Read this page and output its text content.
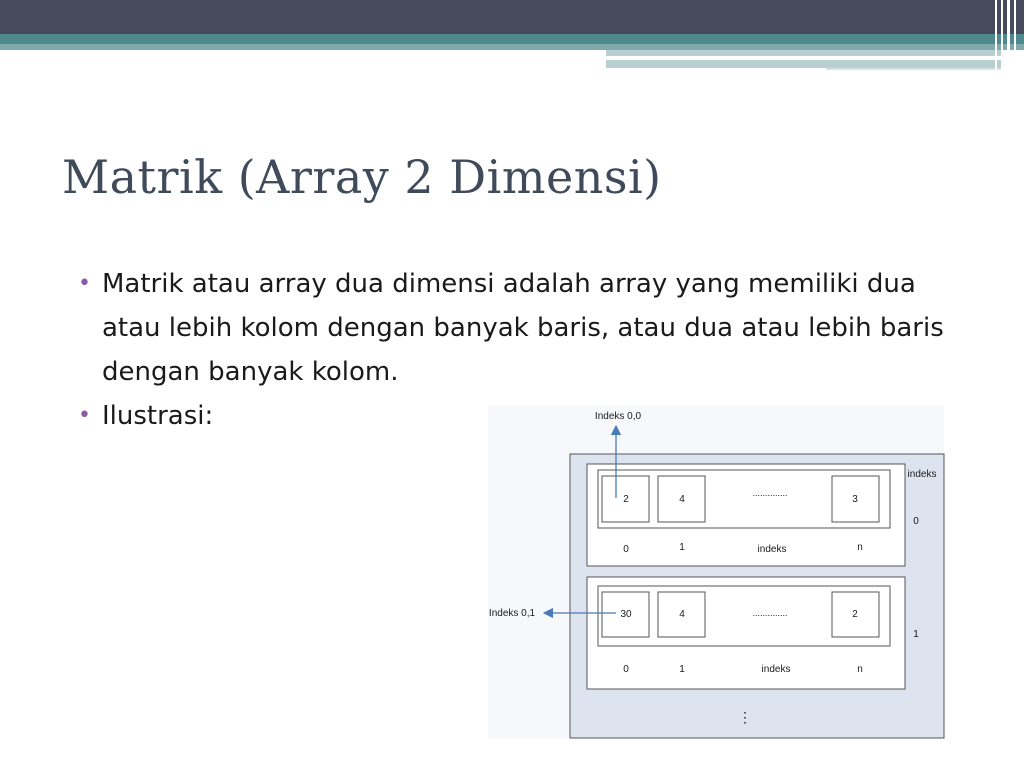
Matrik (Array 2 Dimensi)
• Matrik atau array dua dimensi adalah array yang memiliki dua atau lebih kolom dengan banyak baris, atau dua atau lebih baris dengan banyak kolom.
• Ilustrasi:
2	4	3
..............
0	1	indeks	n
30	4	2
..............
0	1	indeks	n
indeks
0
1
⋮
Indeks 0,0
Indeks 0,1
